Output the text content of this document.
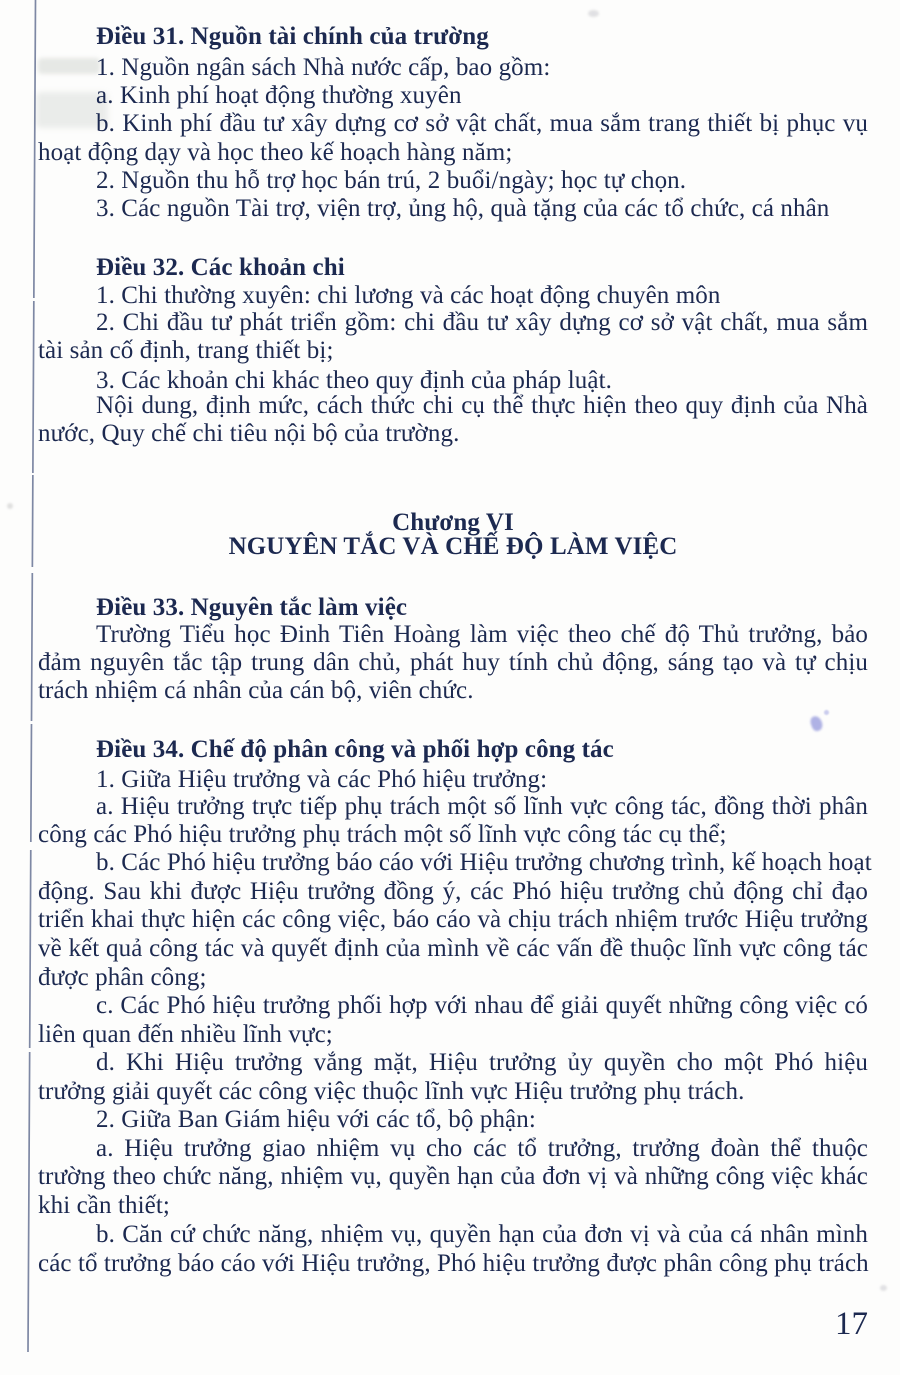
Điều 31. Nguồn tài chính của trường
1. Nguồn ngân sách Nhà nước cấp, bao gồm:
a. Kinh phí hoạt động thường xuyên
b. Kinh phí đầu tư xây dựng cơ sở vật chất, mua sắm trang thiết bị phục vụ
hoạt động dạy và học theo kế hoạch hàng năm;
2. Nguồn thu hỗ trợ học bán trú, 2 buổi/ngày; học tự chọn.
3. Các nguồn Tài trợ, viện trợ, ủng hộ, quà tặng của các tổ chức, cá nhân
Điều 32. Các khoản chi
1. Chi thường xuyên: chi lương và các hoạt động chuyên môn
2. Chi đầu tư phát triển gồm: chi đầu tư xây dựng cơ sở vật chất, mua sắm
tài sản cố định, trang thiết bị;
3. Các khoản chi khác theo quy định của pháp luật.
Nội dung, định mức, cách thức chi cụ thể thực hiện theo quy định của Nhà
nước, Quy chế chi tiêu nội bộ của trường.
Chương VI
NGUYÊN TẮC VÀ CHẾ ĐỘ LÀM VIỆC
Điều 33. Nguyên tắc làm việc
Trường Tiểu học Đinh Tiên Hoàng làm việc theo chế độ Thủ trưởng, bảo
đảm nguyên tắc tập trung dân chủ, phát huy tính chủ động, sáng tạo và tự chịu
trách nhiệm cá nhân của cán bộ, viên chức.
Điều 34. Chế độ phân công và phối hợp công tác
1. Giữa Hiệu trưởng và các Phó hiệu trưởng:
a. Hiệu trưởng trực tiếp phụ trách một số lĩnh vực công tác, đồng thời phân
công các Phó hiệu trưởng phụ trách một số lĩnh vực công tác cụ thể;
b. Các Phó hiệu trưởng báo cáo với Hiệu trưởng chương trình, kế hoạch hoạt
động. Sau khi được Hiệu trưởng đồng ý, các Phó hiệu trưởng chủ động chỉ đạo
triển khai thực hiện các công việc, báo cáo và chịu trách nhiệm trước Hiệu trưởng
về kết quả công tác và quyết định của mình về các vấn đề thuộc lĩnh vực công tác
được phân công;
c. Các Phó hiệu trưởng phối hợp với nhau để giải quyết những công việc có
liên quan đến nhiều lĩnh vực;
d. Khi Hiệu trưởng vắng mặt, Hiệu trưởng ủy quyền cho một Phó hiệu
trưởng giải quyết các công việc thuộc lĩnh vực Hiệu trưởng phụ trách.
2. Giữa Ban Giám hiệu với các tổ, bộ phận:
a. Hiệu trưởng giao nhiệm vụ cho các tổ trưởng, trưởng đoàn thể thuộc
trường theo chức năng, nhiệm vụ, quyền hạn của đơn vị và những công việc khác
khi cần thiết;
b. Căn cứ chức năng, nhiệm vụ, quyền hạn của đơn vị và của cá nhân mình
các tổ trưởng báo cáo với Hiệu trưởng, Phó hiệu trưởng được phân công phụ trách
17
